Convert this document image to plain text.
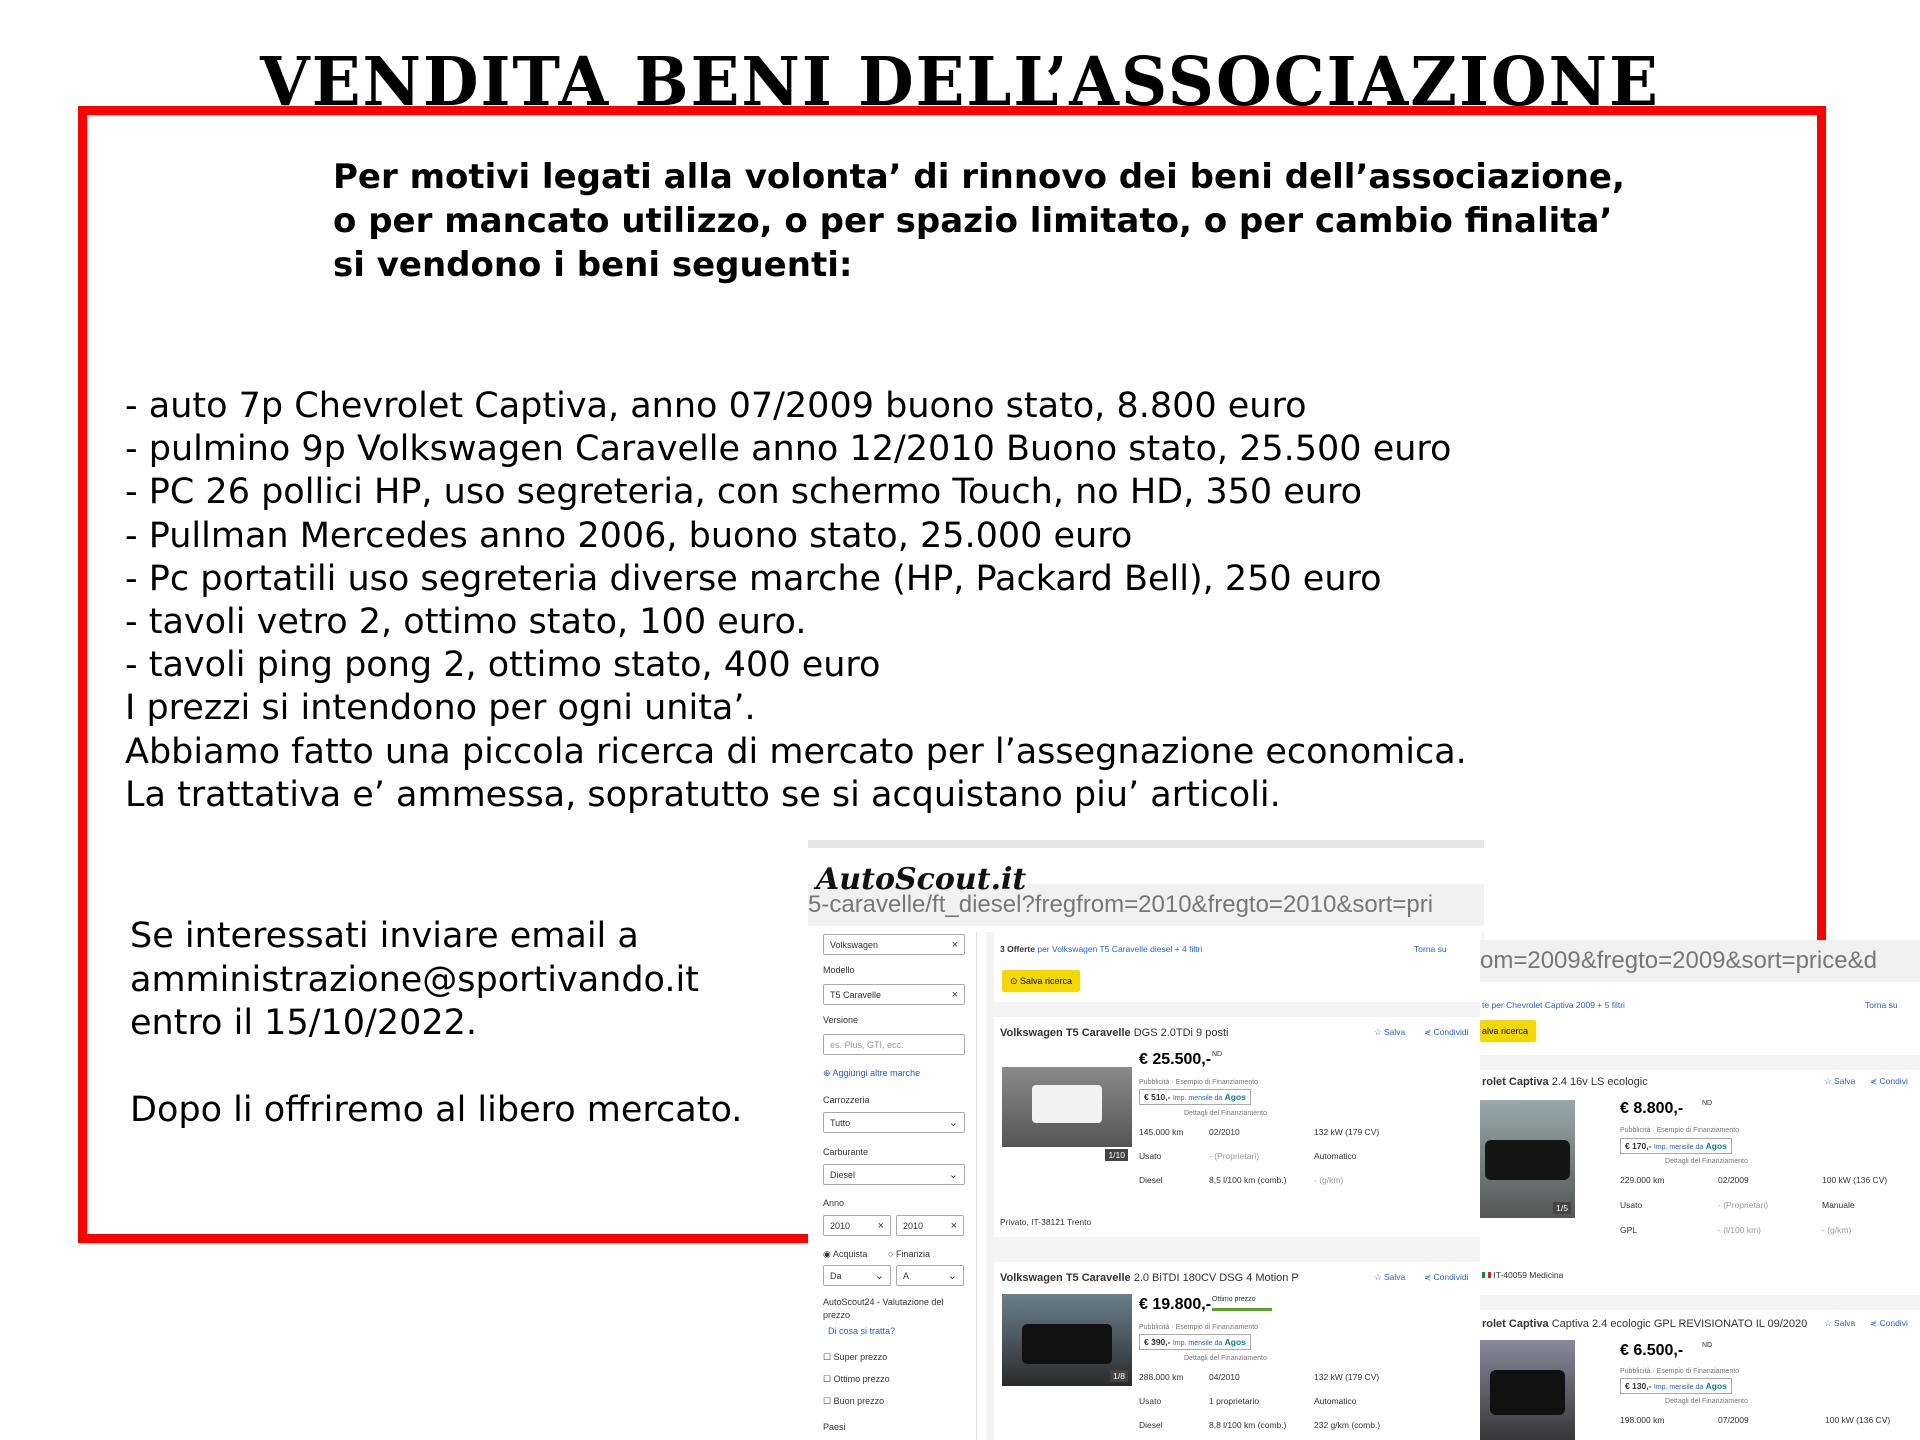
VENDITA BENI DELL’ASSOCIAZIONE
Per motivi legati alla volonta’ di rinnovo dei beni dell’associazione,
o per mancato utilizzo, o per spazio limitato, o per cambio finalita’
si vendono i beni seguenti:
- auto 7p Chevrolet Captiva, anno 07/2009 buono stato, 8.800 euro
- pulmino 9p Volkswagen Caravelle anno 12/2010 Buono stato, 25.500 euro
- PC 26 pollici HP, uso segreteria, con schermo Touch, no HD, 350 euro
- Pullman Mercedes anno 2006, buono stato, 25.000 euro
- Pc portatili uso segreteria diverse marche (HP, Packard Bell), 250 euro
- tavoli vetro 2, ottimo stato, 100 euro.
- tavoli ping pong 2, ottimo stato, 400 euro
I prezzi si intendono per ogni unita’.
Abbiamo fatto una piccola ricerca di mercato per l’assegnazione economica.
La trattativa e’ ammessa, sopratutto se si acquistano piu’ articoli.
Se interessati inviare email a
amministrazione@sportivando.it
entro il 15/10/2022.
Dopo li offriremo al libero mercato.
5-caravelle/ft_diesel?fregfrom=2010&fregto=2010&sort=pri
AutoScout.it
Volkswagen	×
Modello
T5 Caravelle	×
Versione
es. Plus, GTI, ecc.
⊕ Aggiungi altre marche
Carrozzeria
Tutto	⌄
Carburante
Diesel	⌄
Anno
2010	×	2010	×
◉ Acquista ○ Finanzia
Da	⌄	A	⌄
AutoScout24 - Valutazione del prezzo
Di cosa si tratta?
☐ Super prezzo
☐ Ottimo prezzo
☐ Buon prezzo
Paesi
3 Offerte per Volkswagen T5 Caravelle diesel + 4 filtri	Torna su
⊙ Salva ricerca
Volkswagen T5 Caravelle DGS 2.0TDi 9 posti	☆ Salva ⋞ Condividi
1/10
€ 25.500,- ND
Pubblicità · Esempio di Finanziamento
€ 510,- Imp. mensile da Agos
Dettagli del Finanziamento
145.000 km	02/2010	132 kW (179 CV)
Usato	- (Proprietari)	Automatico
Diesel	8,5 l/100 km (comb.)	- (g/km)
Privato, IT-38121 Trento
Volkswagen T5 Caravelle 2.0 BiTDI 180CV DSG 4 Motion P	☆ Salva ⋞ Condividi
1/8
€ 19.800,- Ottimo prezzo
Pubblicità · Esempio di Finanziamento
€ 390,- Imp. mensile da Agos
Dettagli del Finanziamento
288.000 km	04/2010	132 kW (179 CV)
Usato	1 proprietario	Automatico
Diesel	8,8 l/100 km (comb.)	232 g/km (comb.)
om=2009&fregto=2009&sort=price&d
te per Chevrolet Captiva 2009 + 5 filtri	Torna su
alva ricerca
rolet Captiva 2.4 16v LS ecologic	☆ Salva ⋞ Condivi
1/5
€ 8.800,-	ND
Pubblicità · Esempio di Finanziamento
€ 170,- Imp. mensile da Agos
Dettagli del Finanziamento
229.000 km	02/2009	100 kW (136 CV)
Usato	- (Proprietari)	Manuale
GPL	- (l/100 km)	- (g/km)
IT-40059 Medicina
rolet Captiva Captiva 2.4 ecologic GPL REVISIONATO IL 09/2020 ☆ Salva ⋞ Condivi
€ 6.500,-	ND
Pubblicità · Esempio di Finanziamento
€ 130,- Imp. mensile da Agos
Dettagli del Finanziamento
198.000 km	07/2009	100 kW (136 CV)
